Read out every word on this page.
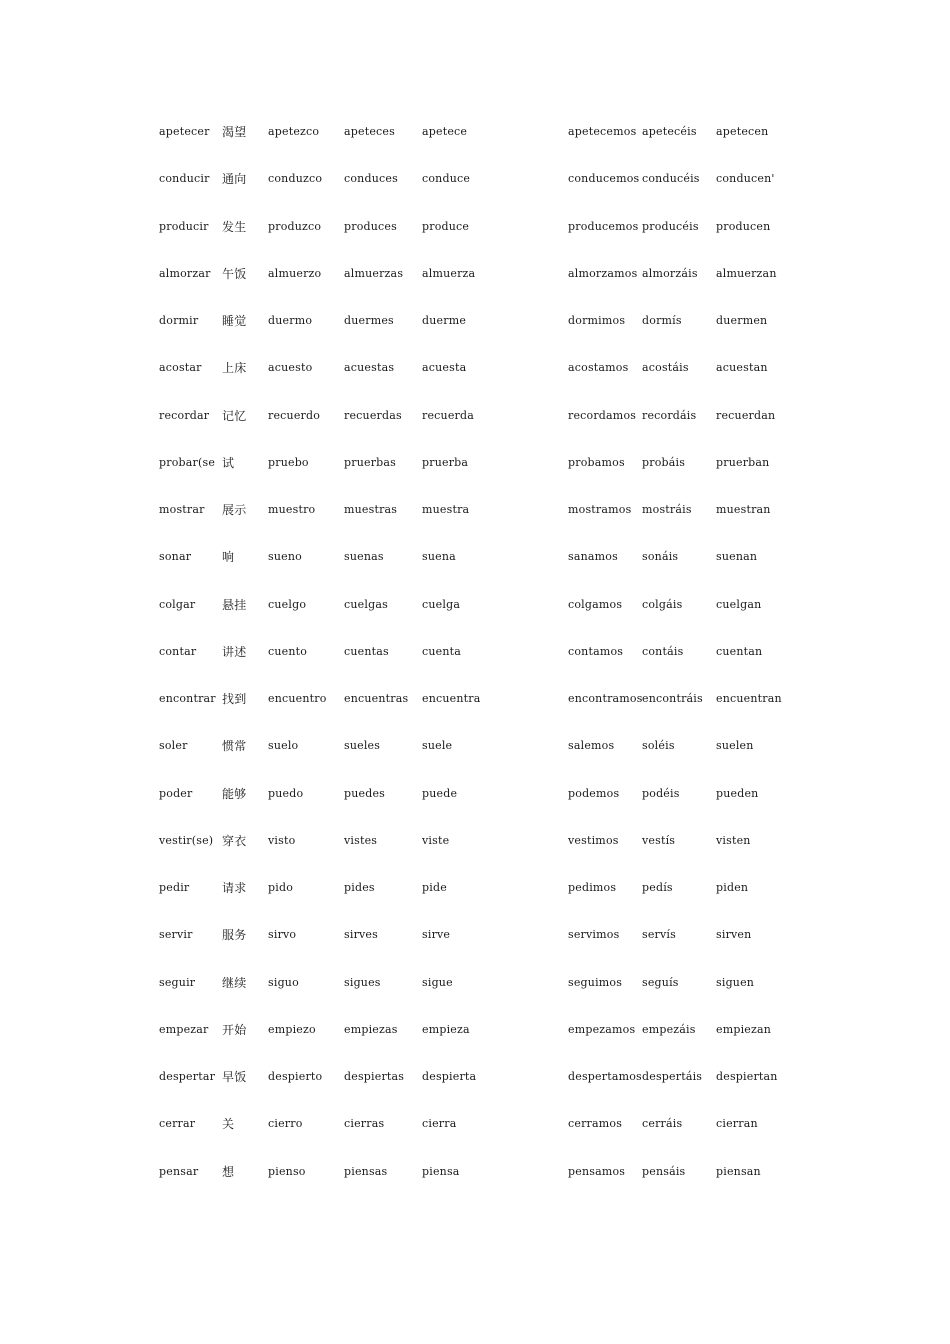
apetecer 渴望 apetezco apeteces apetece	apetecemos apetecéis apetecen
conducir 通向 conduzco conduces conduce	conducemos conducéis conducen'
producir 发生 produzco produces produce	producemos producéis producen
almorzar 午饭 almuerzo almuerzas almuerza	almorzamos almorzáis almuerzan
dormir 睡觉 duermo	duermes	duerme	dormimos dormís	duermen
acostar 上床 acuesto	acuestas	acuesta	acostamos acostáis acuestan
recordar 记忆 recuerdo recuerdas recuerda	recordamos recordáis recuerdan
probar(se 试	pruebo	pruerbas pruerba	probamos probáis	pruerban
mostrar 展示 muestro	muestras muestra	mostramos mostráis muestran
sonar	响	sueno	suenas	suena	sanamos sonáis	suenan
colgar 悬挂 cuelgo	cuelgas	cuelga	colgamos colgáis	cuelgan
contar 讲述 cuento	cuentas	cuenta	contamos contáis	cuentan
encontrar 找到 encuentro encuentras encuentra	encontramos encontráis encuentran
soler	惯常 suelo	sueles	suele	salemos	soléis	suelen
poder 能够 puedo	puedes	puede	podemos podéis	pueden
vestir(se) 穿衣 visto	vistes	viste	vestimos vestís	visten
pedir	请求 pido	pides	pide	pedimos pedís	piden
servir 服务 sirvo	sirves	sirve	servimos servís	sirven
seguir 继续 siguo	sigues	sigue	seguimos seguís	siguen
empezar 开始 empiezo	empiezas empieza	empezamos empezáis empiezan
despertar 早饭 despierto despiertas despierta	despertamos despertáis despiertan
cerrar 关	cierro	cierras	cierra	cerramos cerráis	cierran
pensar 想	pienso	piensas	piensa	pensamos pensáis	piensan
